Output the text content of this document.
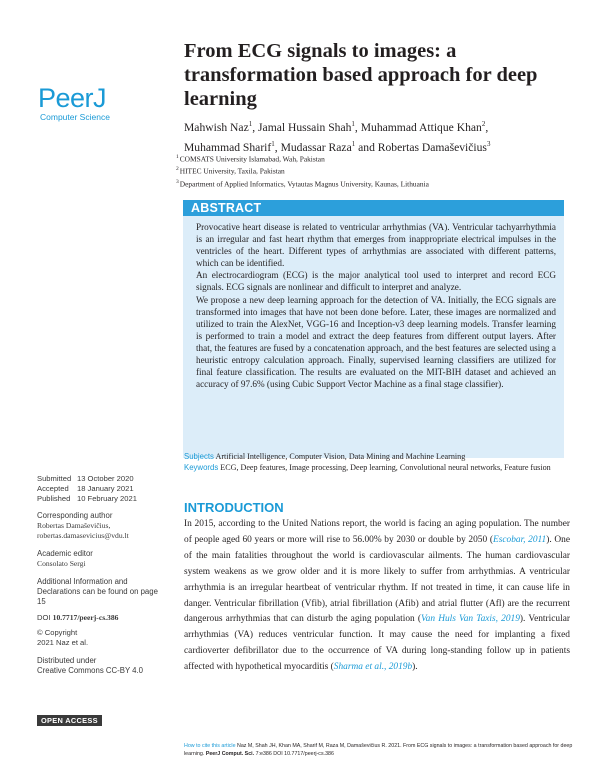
PeerJ
Computer Science
From ECG signals to images: a transformation based approach for deep learning
Mahwish Naz$^1$, Jamal Hussain Shah$^1$, Muhammad Attique Khan$^2$,
Muhammad Sharif$^1$, Mudassar Raza$^1$ and Robertas Damaševičius$^3$
$^1$COMSATS University Islamabad, Wah, Pakistan
$^2$HITEC University, Taxila, Pakistan
$^3$Department of Applied Informatics, Vytautas Magnus University, Kaunas, Lithuania
ABSTRACT

Provocative heart disease is related to ventricular arrhythmias (VA). Ventricular tachyarrhythmia is an irregular and fast heart rhythm that emerges from inappropriate electrical impulses in the ventricles of the heart. Different types of arrhythmias are associated with different patterns, which can be identified.

An electrocardiogram (ECG) is the major analytical tool used to interpret and record ECG signals. ECG signals are nonlinear and difficult to interpret and analyze.

We propose a new deep learning approach for the detection of VA. Initially, the ECG signals are transformed into images that have not been done before. Later, these images are normalized and utilized to train the AlexNet, VGG-16 and Inception-v3 deep learning models. Transfer learning is performed to train a model and extract the deep features from different output layers. After that, the features are fused by a concatenation approach, and the best features are selected using a heuristic entropy calculation approach. Finally, supervised learning classifiers are utilized for final feature classification. The results are evaluated on the MIT-BIH dataset and achieved an accuracy of 97.6% (using Cubic Support Vector Machine as a final stage classifier).

Subjects Artificial Intelligence, Computer Vision, Data Mining and Machine Learning
Keywords ECG, Deep features, Image processing, Deep learning, Convolutional neural networks, Feature fusion
Submitted 13 October 2020
Accepted 18 January 2021
Published 10 February 2021
Corresponding author
Robertas Damaševičius,
robertas.damasevicius@vdu.lt
Academic editor
Consolato Sergi
Additional Information and Declarations can be found on page 15
DOI 10.7717/peerj-cs.386
© Copyright
2021 Naz et al.
Distributed under
Creative Commons CC-BY 4.0
OPEN ACCESS
INTRODUCTION

In 2015, according to the United Nations report, the world is facing an aging population. The number of people aged 60 years or more will rise to 56.00% by 2030 or double by 2050 (Escobar, 2011). One of the main fatalities throughout the world is cardiovascular ailments. The human cardiovascular system weakens as we grow older and it is more likely to suffer from arrhythmias. A ventricular arrhythmia is an irregular heartbeat of ventricular rhythm. If not treated in time, it can cause life in danger. Ventricular fibrillation (Vfib), atrial fibrillation (Afib) and atrial flutter (Afl) are the recurrent dangerous arrhythmias that can disturb the aging population (Van Huls Van Taxis, 2019). Ventricular arrhythmias (VA) reduces ventricular function. It may cause the need for implanting a fixed cardioverter defibrillator due to the occurrence of VA during long-standing follow up in patients affected with hypothetical myocarditis (Sharma et al., 2019b).

How to cite this article Naz M, Shah JH, Khan MA, Sharif M, Raza M, Damaševičius R. 2021. From ECG signals to images: a transformation based approach for deep learning. PeerJ Comput. Sci. 7:e386 DOI 10.7717/peerj-cs.386
